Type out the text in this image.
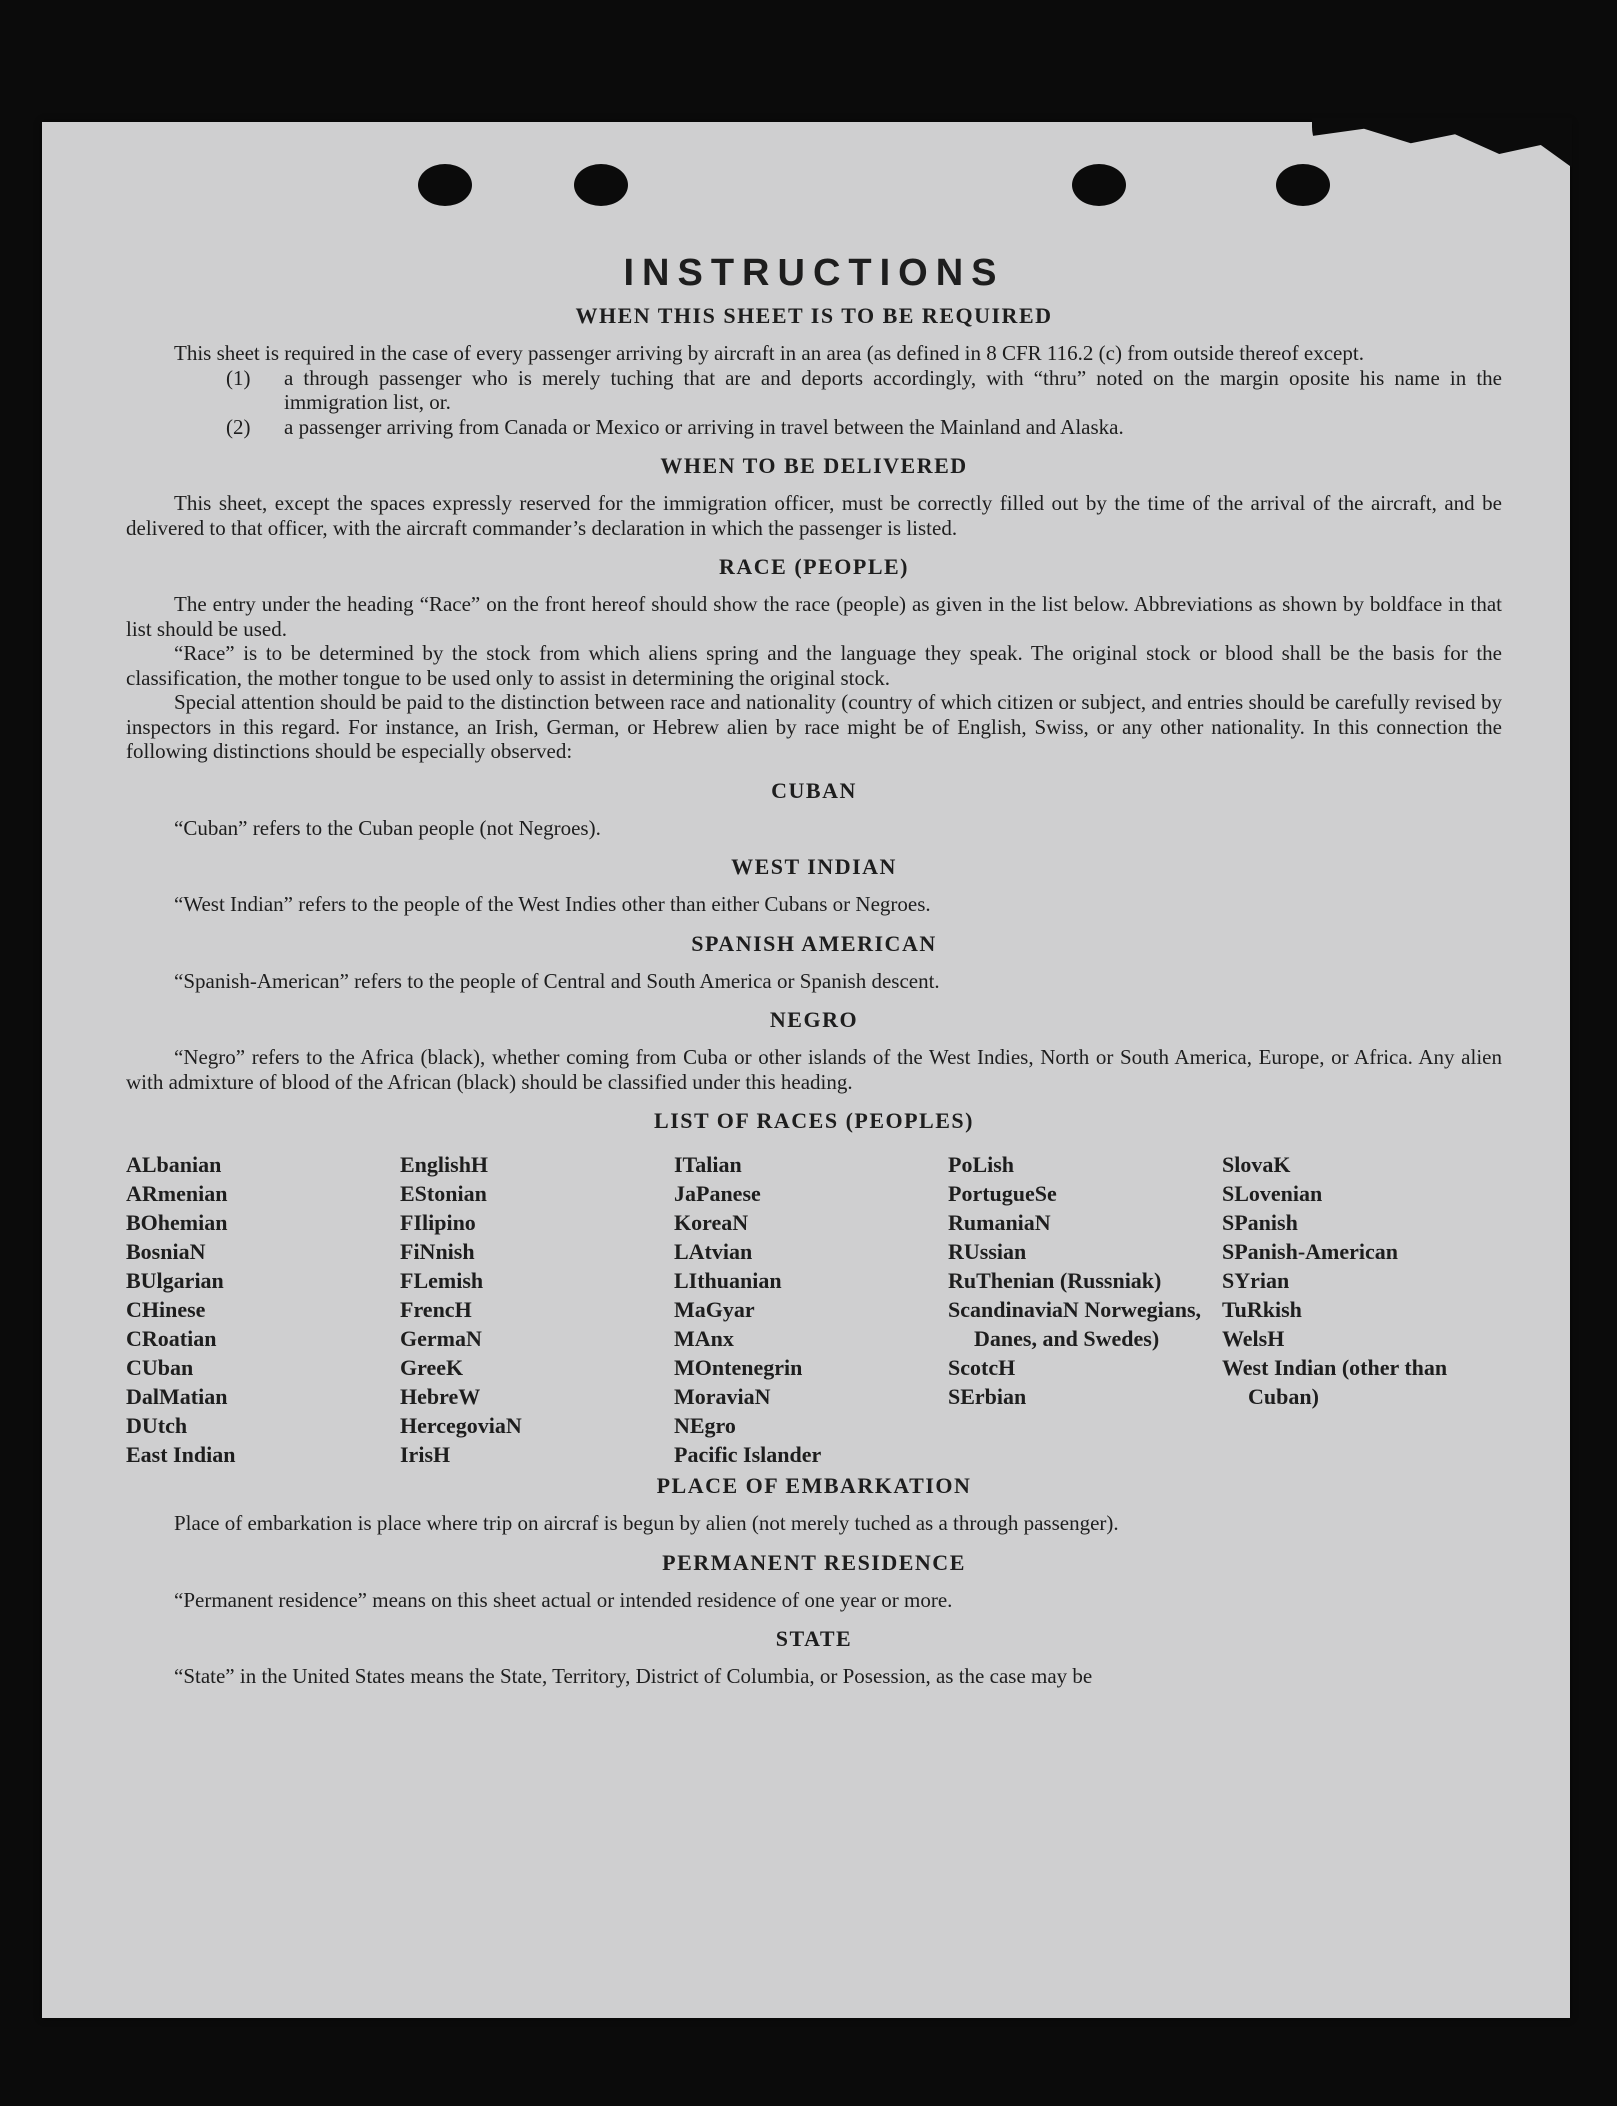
INSTRUCTIONS
WHEN THIS SHEET IS TO BE REQUIRED

This sheet is required in the case of every passenger arriving by aircraft in an area (as defined in 8 CFR 116.2 (c) from outside thereof except.

(1)	a through passenger who is merely tuching that are and deports accordingly, with “thru” noted on the margin oposite his name in the immigration list, or.
(2)	a passenger arriving from Canada or Mexico or arriving in travel between the Mainland and Alaska.
WHEN TO BE DELIVERED

This sheet, except the spaces expressly reserved for the immigration officer, must be correctly filled out by the time of the arrival of the aircraft, and be delivered to that officer, with the aircraft commander’s declaration in which the passenger is listed.

RACE (PEOPLE)

The entry under the heading “Race” on the front hereof should show the race (people) as given in the list below. Abbreviations as shown by boldface in that list should be used.

“Race” is to be determined by the stock from which aliens spring and the language they speak. The original stock or blood shall be the basis for the classification, the mother tongue to be used only to assist in determining the original stock.

Special attention should be paid to the distinction between race and nationality (country of which citizen or subject, and entries should be carefully revised by inspectors in this regard. For instance, an Irish, German, or Hebrew alien by race might be of English, Swiss, or any other nationality. In this connection the following distinctions should be especially observed:

CUBAN

“Cuban” refers to the Cuban people (not Negroes).

WEST INDIAN

“West Indian” refers to the people of the West Indies other than either Cubans or Negroes.

SPANISH AMERICAN

“Spanish-American” refers to the people of Central and South America or Spanish descent.

NEGRO

“Negro” refers to the Africa (black), whether coming from Cuba or other islands of the West Indies, North or South America, Europe, or Africa. Any alien with admixture of blood of the African (black) should be classified under this heading.

LIST OF RACES (PEOPLES)
ALbanian
ARmenian
BOhemian
BosniaN
BUlgarian
CHinese
CRoatian
CUban
DalMatian
DUtch
East Indian
EnglishH
EStonian
FIlipino
FiNnish
FLemish
FrencH
GermaN
GreeK
HebreW
HercegoviaN
IrisH
ITalian
JaPanese
KoreaN
LAtvian
LIthuanian
MaGyar
MAnx
MOntenegrin
MoraviaN
NEgro
Pacific Islander
PoLish
PortugueSe
RumaniaN
RUssian
RuThenian (Russniak)
ScandinaviaN Norwegians, Danes, and Swedes)
ScotcH
SErbian
SlovaK
SLovenian
SPanish
SPanish-American
SYrian
TuRkish
WelsH
West Indian (other than Cuban)
PLACE OF EMBARKATION

Place of embarkation is place where trip on aircraf is begun by alien (not merely tuched as a through passenger).

PERMANENT RESIDENCE

“Permanent residence” means on this sheet actual or intended residence of one year or more.

STATE

“State” in the United States means the State, Territory, District of Columbia, or Posession, as the case may be
